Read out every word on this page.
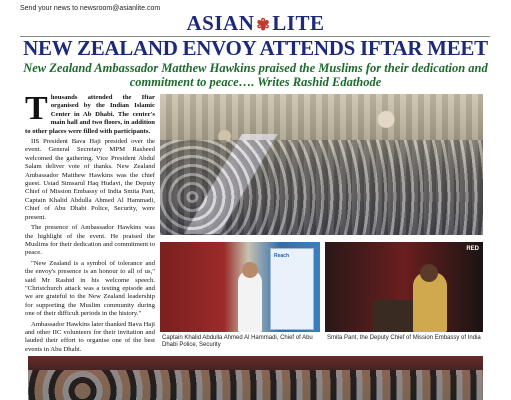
Send your news to newsroom@asianlite.com
ASIAN ✾LITE
NEW ZEALAND ENVOY ATTENDS IFTAR MEET
New Zealand Ambassador Matthew Hawkins praised the Muslims for their dedication and commitment to peace…. Writes Rashid Edathode

Thousands attended the Iftar organised by the Indian Islamic Center in Ab Dhabi. The center's main hall and two floors, in addition to other places were filled with participants.

IIS President Bava Haji presided over the event. General Secretary MPM Rasheed welcomed the gathering. Vice President Abdul Salam deliver vote of thanks. New Zealand Ambassador Matthew Hawkins was the chief guest. Ustad Simsarul Haq Hudavi, the Deputy Chief of Mission Embassy of India Smita Pant, Captain Khalid Abdulla Ahmed Al Hammadi, Chief of Abu Dhabi Police, Security, were present.

The presence of Ambassador Hawkins was the highlight of the event. He praised the Muslims for their dedication and commitment to peace.

"New Zealand is a symbol of tolerance and the envoy's presence is an honour to all of us," said Mr Rashid in his welcome speech. "Christchurch attack was a testing episode and we are grateful to the New Zealand leadership for supporting the Muslim community during one of their difficult periods in the history."

Ambassador Hawkins later thanked Bava Haji and other IIC volunteers for their invitation and lauded their effort to organise one of the best events in Abu Dhabi.

Reach
RED
Captain Khalid Abdulla Ahmed Al Hammadi, Chief of Abu Dhabi Police, Security
Smita Pant, the Deputy Chief of Mission Embassy of India
